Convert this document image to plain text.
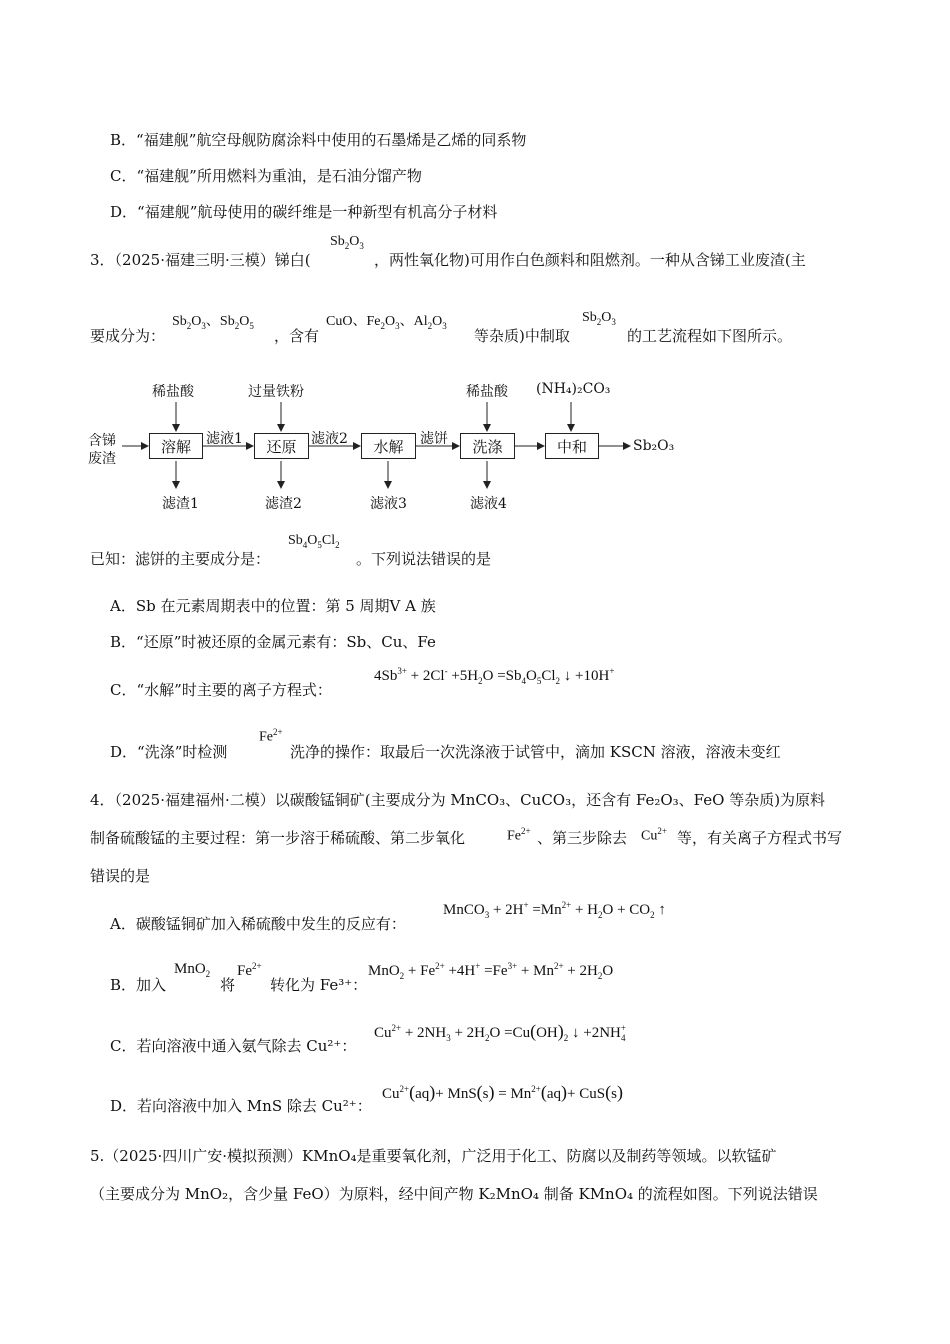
B．“福建舰”航空母舰防腐涂料中使用的石墨烯是乙烯的同系物
C．“福建舰”所用燃料为重油，是石油分馏产物
D．“福建舰”航母使用的碳纤维是一种新型有机高分子材料
3．（2025·福建三明·三模）锑白(
$Sb_2O_3$
，两性氧化物)可用作白色颜料和阻燃剂。一种从含锑工业废渣(主
要成分为：
$Sb_2O_3$、$Sb_2O_5$
，含有
CuO、$Fe_2O_3$、$Al_2O_3$
等杂质)中制取
$Sb_2O_3$
的工艺流程如下图所示。
含锑
废渣
溶解	还原	水解	洗涤	中和
稀盐酸	过量铁粉	稀盐酸 (NH₄)₂CO₃
滤液1	滤液2	滤饼
滤渣1	滤渣2	滤液3	滤液4
Sb₂O₃
已知：滤饼的主要成分是：
$Sb_4O_5Cl_2$
。下列说法错误的是
A．Sb 在元素周期表中的位置：第 5 周期Ⅴ A 族
B．“还原”时被还原的金属元素有：Sb、Cu、Fe
C．“水解”时主要的离子方程式：
$4Sb^{3+} + 2Cl^- +5H_2O =Sb_4O_5Cl_2$ ↓ +10H+
D．“洗涤”时检测
$Fe^{2+}$
洗净的操作：取最后一次洗涤液于试管中，滴加 KSCN 溶液，溶液未变红
4．（2025·福建福州·二模）以碳酸锰铜矿(主要成分为 MnCO₃、CuCO₃，还含有 Fe₂O₃、FeO 等杂质)为原料
制备硫酸锰的主要过程：第一步溶于稀硫酸、第二步氧化	$Fe^{2+}$ 、第三步除去 $Cu^{2+}$ 等，有关离子方程式书写
错误的是
A．碳酸锰铜矿加入稀硫酸中发生的反应有：
MnCO$_3$ + $2H^+ =Mn^{2+} + H_2O + CO_2$ ↑
B．加入
MnO$_2$
将
$Fe^{2+}$
转化为 Fe³⁺：
$MnO_2 + Fe^{2+} +4H^+ =Fe^{3+} + Mn^{2+} + 2H_2O$
C．若向溶液中通入氨气除去 Cu²⁺：
$Cu^{2+} + 2NH_3 + 2H_2O =Cu(OH)_2$ ↓ $+2NH^+_4$
D．若向溶液中加入 MnS 除去 Cu²⁺：
$Cu^{2+}(aq)+ MnS(s) = Mn^{2+}(aq)+ CuS(s)$
5.（2025·四川广安·模拟预测）KMnO₄是重要氧化剂，广泛用于化工、防腐以及制药等领域。以软锰矿
（主要成分为 MnO₂，含少量 FeO）为原料，经中间产物 K₂MnO₄ 制备 KMnO₄ 的流程如图。下列说法错误
